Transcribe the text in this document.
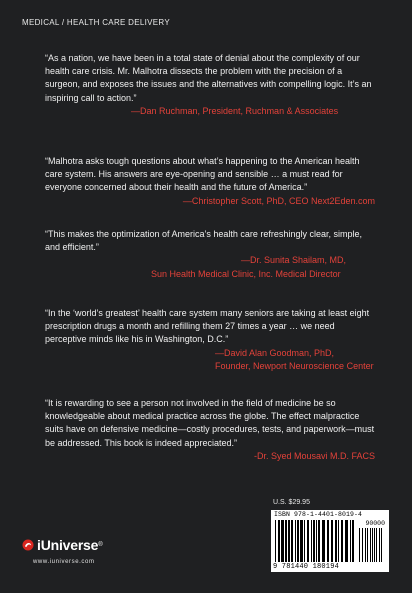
MEDICAL / HEALTH CARE DELIVERY

“As a nation, we have been in a total state of denial about the complexity of our health care crisis. Mr. Malhotra dissects the problem with the precision of a surgeon, and exposes the issues and the alternatives with compelling logic. It’s an inspiring call to action.”

—Dan Ruchman, President, Ruchman & Associates

“Malhotra asks tough questions about what’s happening to the American health care system. His answers are eye-opening and sensible … a must read for everyone concerned about their health and the future of America.”

—Christopher Scott, PhD, CEO Next2Eden.com

“This makes the optimization of America’s health care refreshingly clear, simple, and efficient.”

—Dr. Sunita Shailam, MD,

Sun Health Medical Clinic, Inc. Medical Director

“In the ‘world’s greatest’ health care system many seniors are taking at least eight prescription drugs a month and refilling them 27 times a year … we need perceptive minds like his in Washington, D.C.”

—David Alan Goodman, PhD,

Founder, Newport Neuroscience Center

“It is rewarding to see a person not involved in the field of medicine be so knowledgeable about medical practice across the globe. The effect malpractice suits have on defensive medicine—costly procedures, tests, and paperwork—must be addressed. This book is indeed appreciated.”

-Dr. Syed Mousavi M.D. FACS

U.S. $29.95
ISBN 978-1-4401-8019-4
90000
9 781440 180194
iUniverse ®
www.iuniverse.com
